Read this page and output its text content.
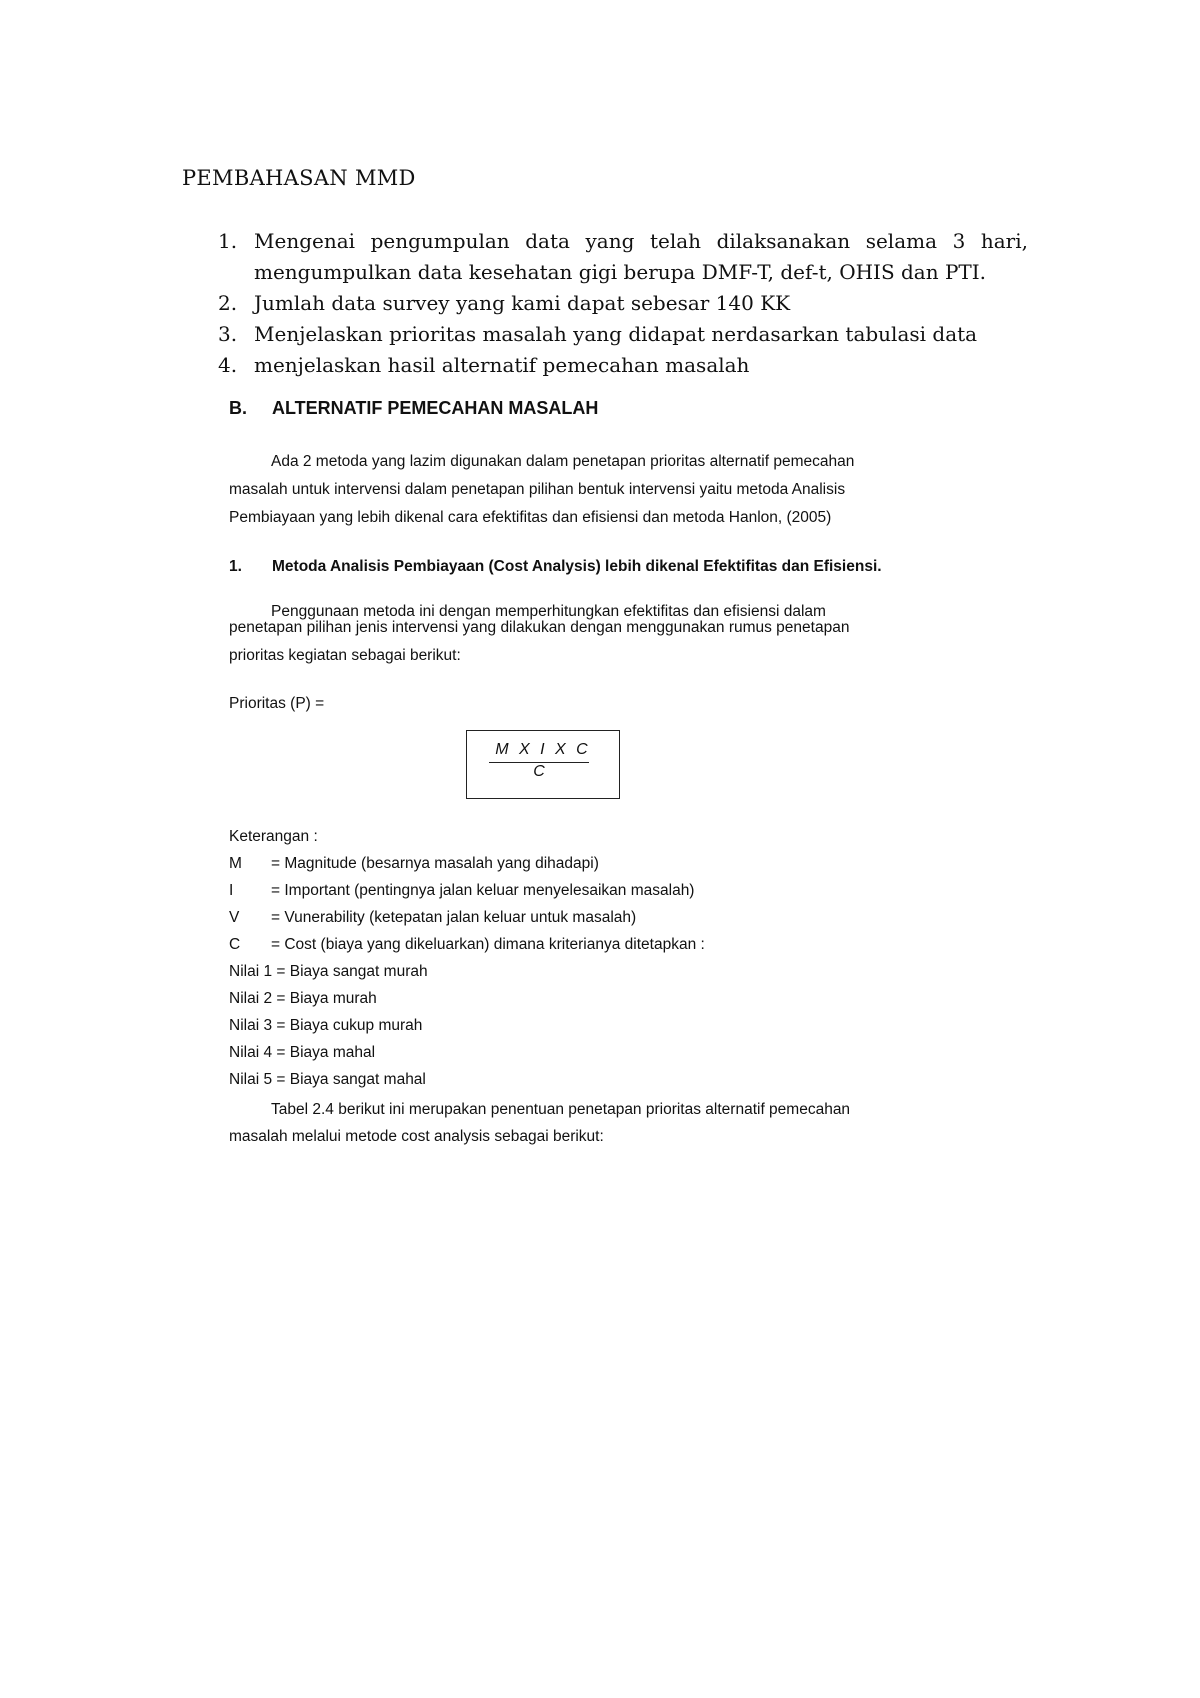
PEMBAHASAN MMD
1. Mengenai pengumpulan data yang telah dilaksanakan selama 3 hari, mengumpulkan data kesehatan gigi berupa DMF-T, def-t, OHIS dan PTI.
2. Jumlah data survey yang kami dapat sebesar 140 KK
3. Menjelaskan prioritas masalah yang didapat nerdasarkan tabulasi data
4. menjelaskan hasil alternatif pemecahan masalah
B. ALTERNATIF PEMECAHAN MASALAH
Ada 2 metoda yang lazim digunakan dalam penetapan prioritas alternatif pemecahan
masalah untuk intervensi dalam penetapan pilihan bentuk intervensi yaitu metoda Analisis
Pembiayaan yang lebih dikenal cara efektifitas dan efisiensi dan metoda Hanlon, (2005)
1. Metoda Analisis Pembiayaan (Cost Analysis) lebih dikenal Efektifitas dan Efisiensi.
Penggunaan metoda ini dengan memperhitungkan efektifitas dan efisiensi dalam
penetapan pilihan jenis intervensi yang dilakukan dengan menggunakan rumus penetapan
prioritas kegiatan sebagai berikut:
Prioritas (P) =
M X I X C
C
Keterangan :
M = Magnitude (besarnya masalah yang dihadapi)
I = Important (pentingnya jalan keluar menyelesaikan masalah)
V = Vunerability (ketepatan jalan keluar untuk masalah)
C = Cost (biaya yang dikeluarkan) dimana kriterianya ditetapkan :
Nilai 1 = Biaya sangat murah
Nilai 2 = Biaya murah
Nilai 3 = Biaya cukup murah
Nilai 4 = Biaya mahal
Nilai 5 = Biaya sangat mahal
Tabel 2.4 berikut ini merupakan penentuan penetapan prioritas alternatif pemecahan
masalah melalui metode cost analysis sebagai berikut:
